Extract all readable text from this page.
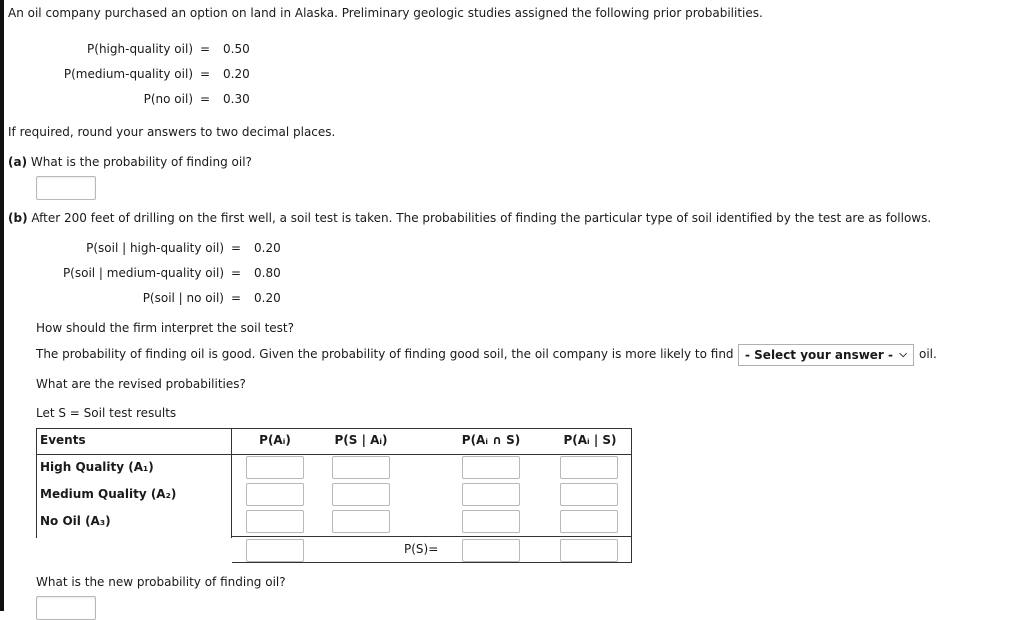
An oil company purchased an option on land in Alaska. Preliminary geologic studies assigned the following prior probabilities.
P(high-quality oil) = 0.50
P(medium-quality oil) = 0.20
P(no oil) = 0.30
If required, round your answers to two decimal places.
(a) What is the probability of finding oil?
(b) After 200 feet of drilling on the first well, a soil test is taken. The probabilities of finding the particular type of soil identified by the test are as follows.
P(soil | high-quality oil) = 0.20
P(soil | medium-quality oil) = 0.80
P(soil | no oil) = 0.20
How should the firm interpret the soil test?
The probability of finding oil is good. Given the probability of finding good soil, the oil company is more likely to find - Select your answer - ⌵ oil.
What are the revised probabilities?
Let S = Soil test results
Events	P(Aᵢ)	P(S | Aᵢ)	P(Aᵢ ∩ S)	P(Aᵢ | S)
High Quality (A₁)
Medium Quality (A₂)
No Oil (A₃)
P(S)=
What is the new probability of finding oil?
